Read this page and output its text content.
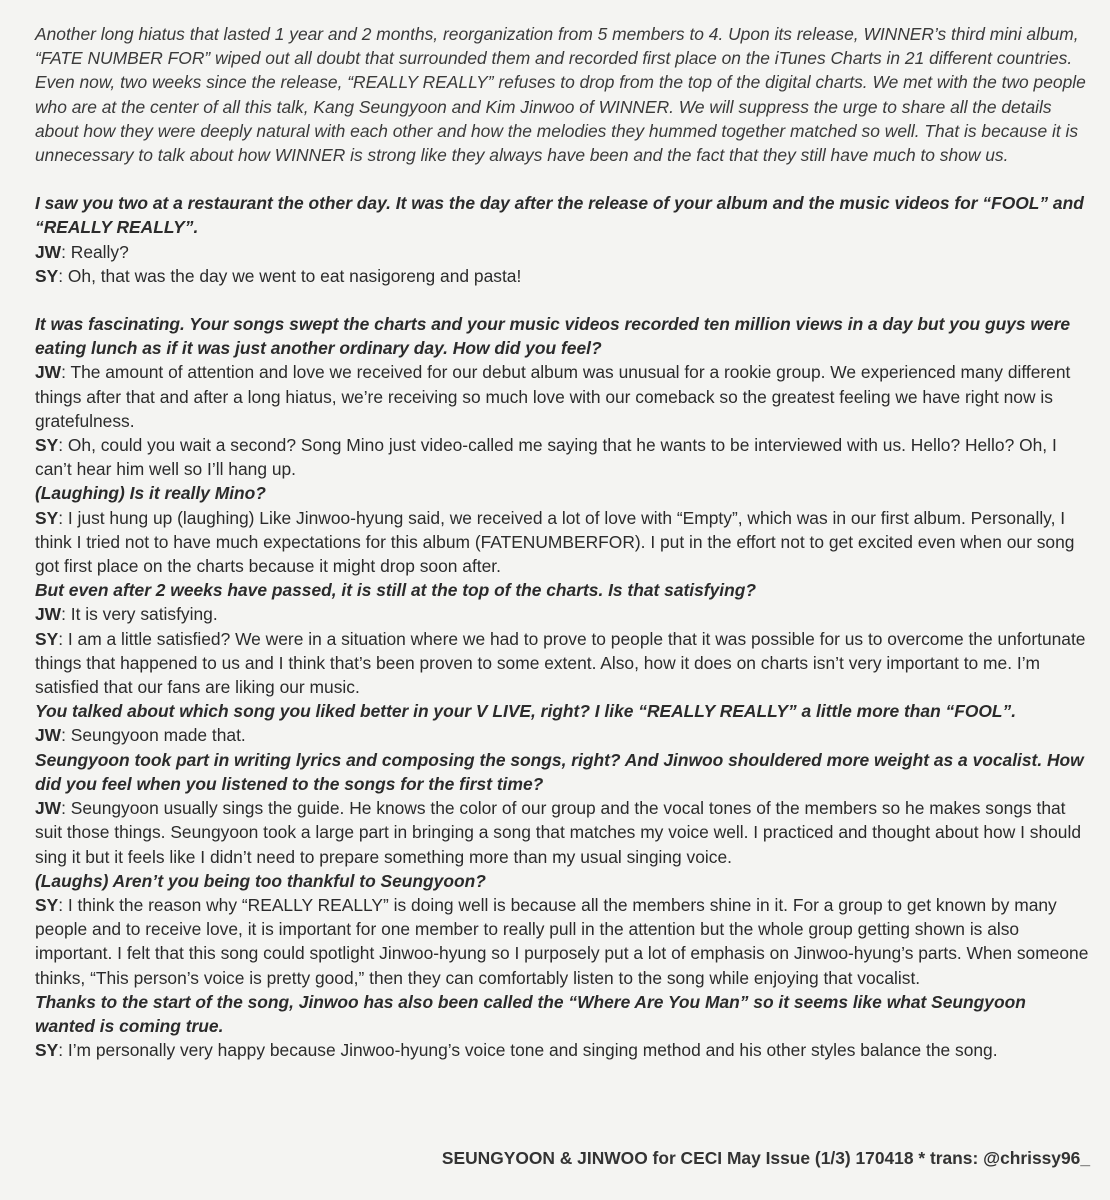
Another long hiatus that lasted 1 year and 2 months, reorganization from 5 members to 4. Upon its release, WINNER’s third mini album, “FATE NUMBER FOR” wiped out all doubt that surrounded them and recorded first place on the iTunes Charts in 21 different countries. Even now, two weeks since the release, “REALLY REALLY” refuses to drop from the top of the digital charts. We met with the two people who are at the center of all this talk, Kang Seungyoon and Kim Jinwoo of WINNER. We will suppress the urge to share all the details about how they were deeply natural with each other and how the melodies they hummed together matched so well. That is because it is unnecessary to talk about how WINNER is strong like they always have been and the fact that they still have much to show us.

I saw you two at a restaurant the other day. It was the day after the release of your album and the music videos for “FOOL” and “REALLY REALLY”.

JW: Really?

SY: Oh, that was the day we went to eat nasigoreng and pasta!

It was fascinating. Your songs swept the charts and your music videos recorded ten million views in a day but you guys were eating lunch as if it was just another ordinary day. How did you feel?

JW: The amount of attention and love we received for our debut album was unusual for a rookie group. We experienced many different things after that and after a long hiatus, we’re receiving so much love with our comeback so the greatest feeling we have right now is gratefulness.

SY: Oh, could you wait a second? Song Mino just video-called me saying that he wants to be interviewed with us. Hello? Hello? Oh, I can’t hear him well so I’ll hang up.

(Laughing) Is it really Mino?

SY: I just hung up (laughing) Like Jinwoo-hyung said, we received a lot of love with “Empty”, which was in our first album. Personally, I think I tried not to have much expectations for this album (FATENUMBERFOR). I put in the effort not to get excited even when our song got first place on the charts because it might drop soon after.

But even after 2 weeks have passed, it is still at the top of the charts. Is that satisfying?

JW: It is very satisfying.

SY: I am a little satisfied? We were in a situation where we had to prove to people that it was possible for us to overcome the unfortunate things that happened to us and I think that’s been proven to some extent. Also, how it does on charts isn’t very important to me. I’m satisfied that our fans are liking our music.

You talked about which song you liked better in your V LIVE, right? I like “REALLY REALLY” a little more than “FOOL”.

JW: Seungyoon made that.

Seungyoon took part in writing lyrics and composing the songs, right? And Jinwoo shouldered more weight as a vocalist. How did you feel when you listened to the songs for the first time?

JW: Seungyoon usually sings the guide. He knows the color of our group and the vocal tones of the members so he makes songs that suit those things. Seungyoon took a large part in bringing a song that matches my voice well. I practiced and thought about how I should sing it but it feels like I didn’t need to prepare something more than my usual singing voice.

(Laughs) Aren’t you being too thankful to Seungyoon?

SY: I think the reason why “REALLY REALLY” is doing well is because all the members shine in it. For a group to get known by many people and to receive love, it is important for one member to really pull in the attention but the whole group getting shown is also important. I felt that this song could spotlight Jinwoo-hyung so I purposely put a lot of emphasis on Jinwoo-hyung’s parts. When someone thinks, “This person’s voice is pretty good,” then they can comfortably listen to the song while enjoying that vocalist.

Thanks to the start of the song, Jinwoo has also been called the “Where Are You Man” so it seems like what Seungyoon wanted is coming true.

SY: I’m personally very happy because Jinwoo-hyung’s voice tone and singing method and his other styles balance the song.

SEUNGYOON & JINWOO for CECI May Issue (1/3) 170418 * trans: @chrissy96_
